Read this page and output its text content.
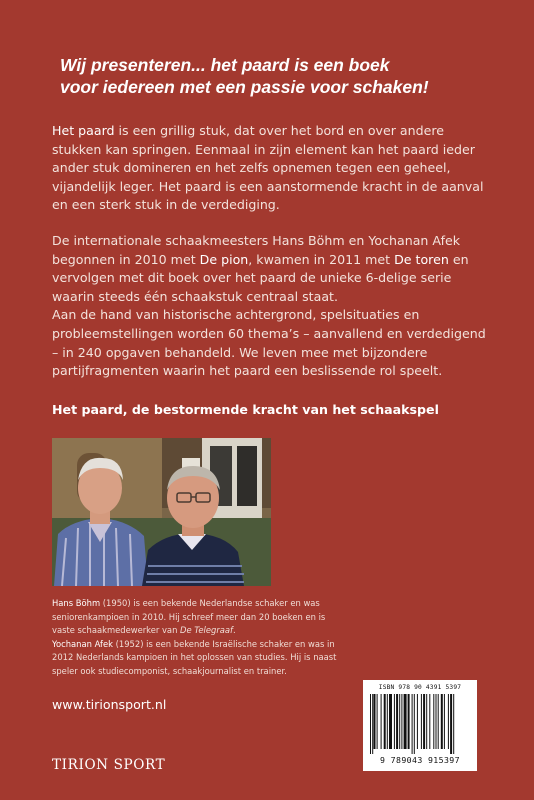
Wij presenteren... het paard is een boek
voor iedereen met een passie voor schaken!
Het paard is een grillig stuk, dat over het bord en over andere
stukken kan springen. Eenmaal in zijn element kan het paard ieder
ander stuk domineren en het zelfs opnemen tegen een geheel,
vijandelijk leger. Het paard is een aanstormende kracht in de aanval
en een sterk stuk in de verdediging.
De internationale schaakmeesters Hans Böhm en Yochanan Afek
begonnen in 2010 met De pion, kwamen in 2011 met De toren en
vervolgen met dit boek over het paard de unieke 6-delige serie
waarin steeds één schaakstuk centraal staat.
Aan de hand van historische achtergrond, spelsituaties en
probleemstellingen worden 60 thema’s – aanvallend en verdedigend
– in 240 opgaven behandeld. We leven mee met bijzondere
partijfragmenten waarin het paard een beslissende rol speelt.

Het paard, de bestormende kracht van het schaakspel

Hans Böhm (1950) is een bekende Nederlandse schaker en was
seniorenkampioen in 2010. Hij schreef meer dan 20 boeken en is
vaste schaakmedewerker van De Telegraaf.
Yochanan Afek (1952) is een bekende Israëlische schaker en was in
2012 Nederlands kampioen in het oplossen van studies. Hij is naast
speler ook studiecomponist, schaakjournalist en trainer.
www.tirionsport.nl
TIRION SPORT
ISBN 978 90 4391 5397
9 789043 915397
